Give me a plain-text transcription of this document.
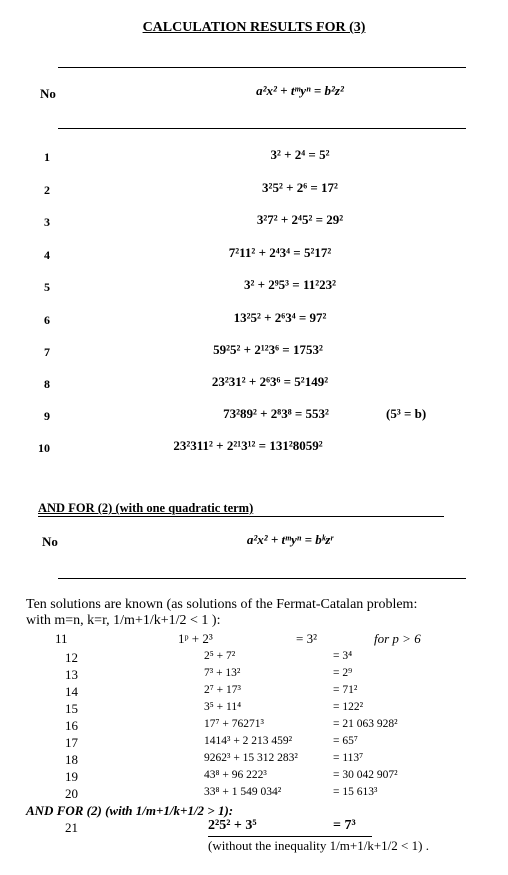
CALCULATION RESULTS FOR (3)
No	a²x² + tᵐyⁿ = b²z²
1	3² + 2⁴ = 5²
2	3²5² + 2⁶ = 17²
3	3²7² + 2⁴5² = 29²
4	7²11² + 2⁴3⁴ = 5²17²
5	3² + 2⁹5³ = 11²23²
6	13²5² + 2⁶3⁴ = 97²
7	59²5² + 2¹²3⁶ = 1753²
8	23²31² + 2⁶3⁶ = 5²149²
9	73²89² + 2⁸3⁸ = 5⁠53²	(5³ = b)
10	23²311² + 2²¹3¹² = 131²8059²
AND FOR (2) (with one quadratic term)
No	a²x² + tᵐyⁿ = bᵏzʳ
Ten solutions are known (as solutions of the Fermat-Catalan problem:
with m=n, k=r, 1/m+1/k+1/2 < 1 ):
11	1ᵖ + 2³	= 3²	for p > 6
12	2⁵ + 7²	= 3⁴
13	7³ + 13²	= 2⁹
14	2⁷ + 17³	= 71²
15	3⁵ + 11⁴	= 122²
16	17⁷ + 76271³	= 21 063 928²
17	1414³ + 2 213 459²	= 65⁷
18	9262³ + 15 312 283²	= 113⁷
19	43⁸ + 96 222³	= 30 042 907²
20	33⁸ + 1 549 034²	= 15 613³
AND FOR (2) (with 1/m+1/k+1/2 > 1):
21	2²5² + 3⁵	= 7³
(without the inequality 1/m+1/k+1/2 < 1) .
